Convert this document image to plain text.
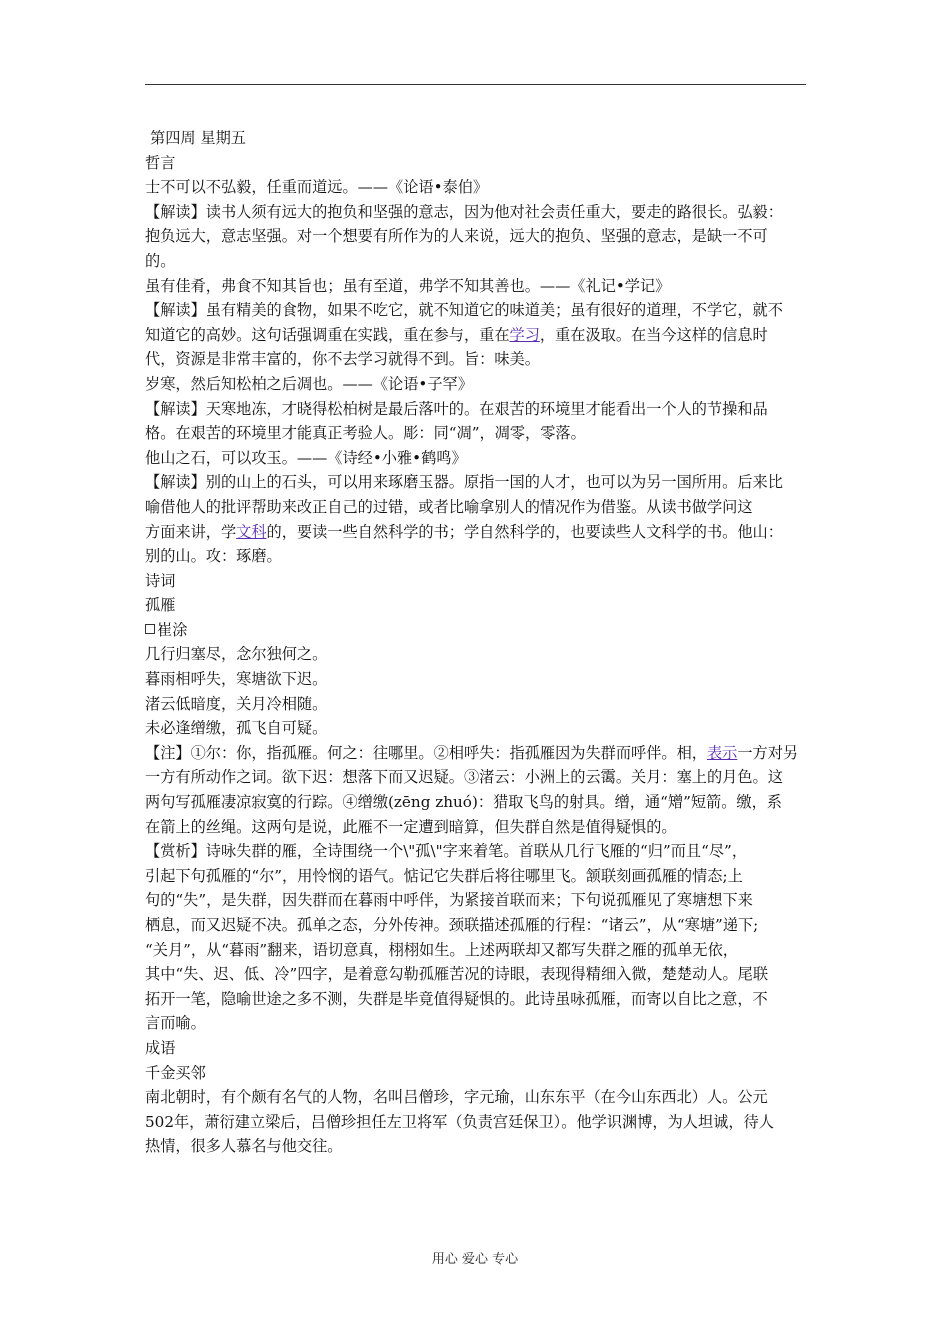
第四周 星期五
哲言
士不可以不弘毅，任重而道远。——《论语•泰伯》
【解读】读书人须有远大的抱负和坚强的意志，因为他对社会责任重大，要走的路很长。弘毅：
抱负远大，意志坚强。对一个想要有所作为的人来说，远大的抱负、坚强的意志，是缺一不可
的。
虽有佳肴，弗食不知其旨也；虽有至道，弗学不知其善也。——《礼记•学记》
【解读】虽有精美的食物，如果不吃它，就不知道它的味道美；虽有很好的道理，不学它，就不
知道它的高妙。这句话强调重在实践，重在参与，重在学习，重在汲取。在当今这样的信息时
代，资源是非常丰富的，你不去学习就得不到。旨：味美。
岁寒，然后知松柏之后凋也。——《论语•子罕》
【解读】天寒地冻，才晓得松柏树是最后落叶的。在艰苦的环境里才能看出一个人的节操和品
格。在艰苦的环境里才能真正考验人。彫：同“凋”，凋零，零落。
他山之石，可以攻玉。——《诗经•小雅•鹤鸣》
【解读】别的山上的石头，可以用来琢磨玉器。原指一国的人才，也可以为另一国所用。后来比
喻借他人的批评帮助来改正自己的过错，或者比喻拿别人的情况作为借鉴。从读书做学问这
方面来讲，学文科的，要读一些自然科学的书；学自然科学的，也要读些人文科学的书。他山：
别的山。攻：琢磨。
诗词
孤雁
崔涂
几行归塞尽，念尔独何之。
暮雨相呼失，寒塘欲下迟。
渚云低暗度，关月冷相随。
未必逢缯缴，孤飞自可疑。
【注】①尔：你，指孤雁。何之：往哪里。②相呼失：指孤雁因为失群而呼伴。相，表示一方对另
一方有所动作之词。欲下迟：想落下而又迟疑。③渚云：小洲上的云霭。关月：塞上的月色。这
两句写孤雁凄凉寂寞的行踪。④缯缴(zēng zhuó)：猎取飞鸟的射具。缯，通“矰”短箭。缴，系
在箭上的丝绳。这两句是说，此雁不一定遭到暗算，但失群自然是值得疑惧的。
【赏析】诗咏失群的雁，全诗围绕一个\"孤\"字来着笔。首联从几行飞雁的“归”而且“尽”，
引起下句孤雁的“尔”，用怜悯的语气。惦记它失群后将往哪里飞。颔联刻画孤雁的情态;上
句的“失”，是失群，因失群而在暮雨中呼伴，为紧接首联而来；下句说孤雁见了寒塘想下来
栖息，而又迟疑不决。孤单之态，分外传神。颈联描述孤雁的行程：“诸云”，从“寒塘”递下;
“关月”，从“暮雨”翻来，语切意真，栩栩如生。上述两联却又都写失群之雁的孤单无依，
其中“失、迟、低、冷”四字，是着意勾勒孤雁苦况的诗眼，表现得精细入微，楚楚动人。尾联
拓开一笔，隐喻世途之多不测，失群是毕竟值得疑惧的。此诗虽咏孤雁，而寄以自比之意，不
言而喻。
成语
千金买邻
南北朝时，有个颇有名气的人物，名叫吕僧珍，字元瑜，山东东平（在今山东西北）人。公元
502年，萧衍建立梁后，吕僧珍担任左卫将军（负责宫廷保卫）。他学识渊博，为人坦诚，待人
热情，很多人慕名与他交往。
用心 爱心 专心
